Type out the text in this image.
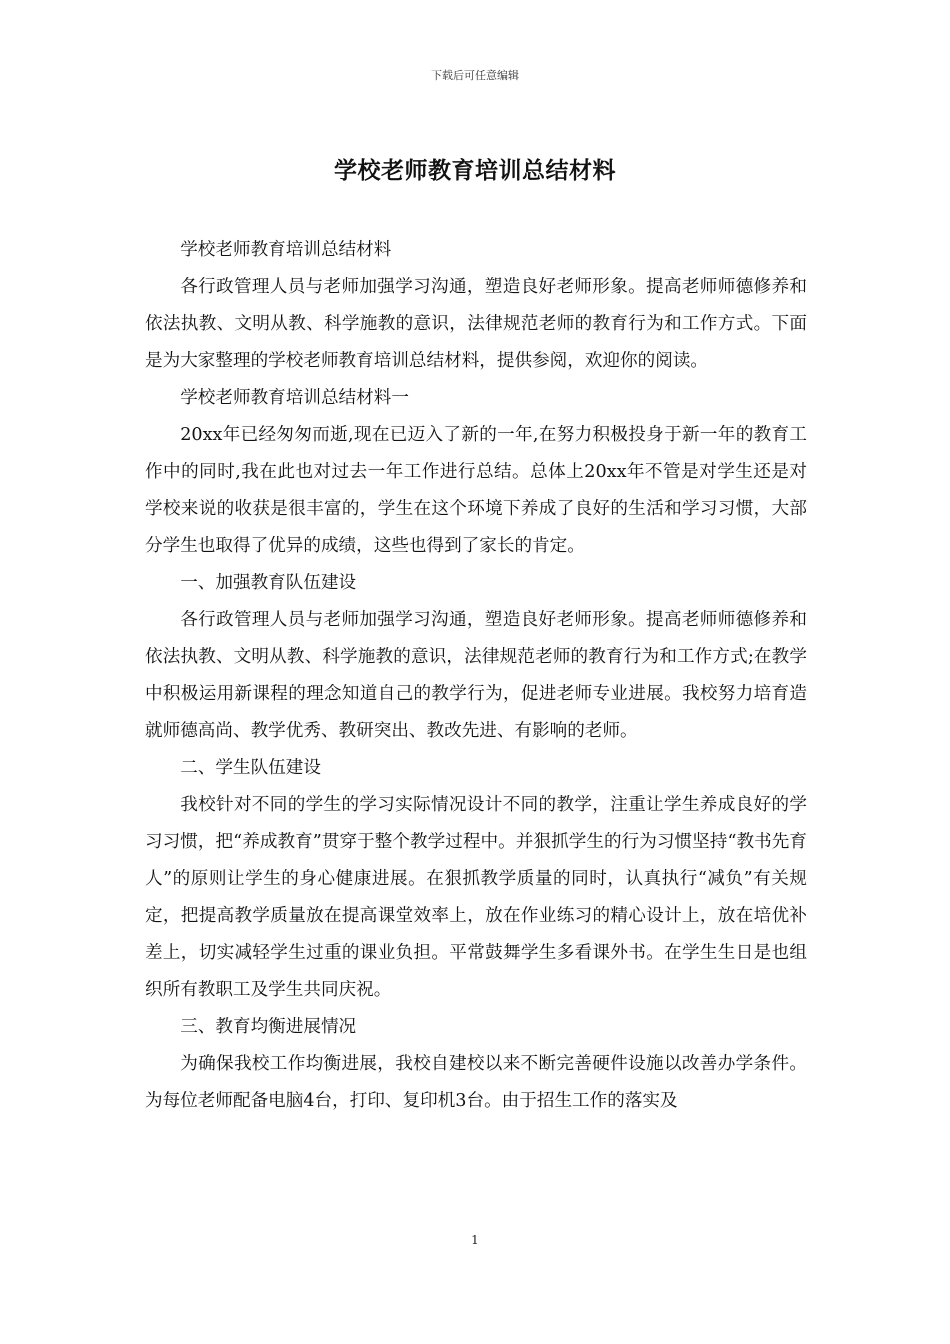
下载后可任意编辑
学校老师教育培训总结材料

学校老师教育培训总结材料

各行政管理人员与老师加强学习沟通，塑造良好老师形象。提高老师师德修养和依法执教、文明从教、科学施教的意识，法律规范老师的教育行为和工作方式。下面是为大家整理的学校老师教育培训总结材料，提供参阅，欢迎你的阅读。

学校老师教育培训总结材料一

20xx年已经匆匆而逝,现在已迈入了新的一年,在努力积极投身于新一年的教育工作中的同时,我在此也对过去一年工作进行总结。总体上20xx年不管是对学生还是对学校来说的收获是很丰富的，学生在这个环境下养成了良好的生活和学习习惯，大部分学生也取得了优异的成绩，这些也得到了家长的肯定。

一、加强教育队伍建设

各行政管理人员与老师加强学习沟通，塑造良好老师形象。提高老师师德修养和依法执教、文明从教、科学施教的意识，法律规范老师的教育行为和工作方式;在教学中积极运用新课程的理念知道自己的教学行为，促进老师专业进展。我校努力培育造就师德高尚、教学优秀、教研突出、教改先进、有影响的老师。

二、学生队伍建设

我校针对不同的学生的学习实际情况设计不同的教学，注重让学生养成良好的学习习惯，把“养成教育”贯穿于整个教学过程中。并狠抓学生的行为习惯坚持“教书先育人”的原则让学生的身心健康进展。在狠抓教学质量的同时，认真执行“减负”有关规定，把提高教学质量放在提高课堂效率上，放在作业练习的精心设计上，放在培优补差上，切实减轻学生过重的课业负担。平常鼓舞学生多看课外书。在学生生日是也组织所有教职工及学生共同庆祝。

三、教育均衡进展情况

为确保我校工作均衡进展，我校自建校以来不断完善硬件设施以改善办学条件。为每位老师配备电脑4台，打印、复印机3台。由于招生工作的落实及

1
